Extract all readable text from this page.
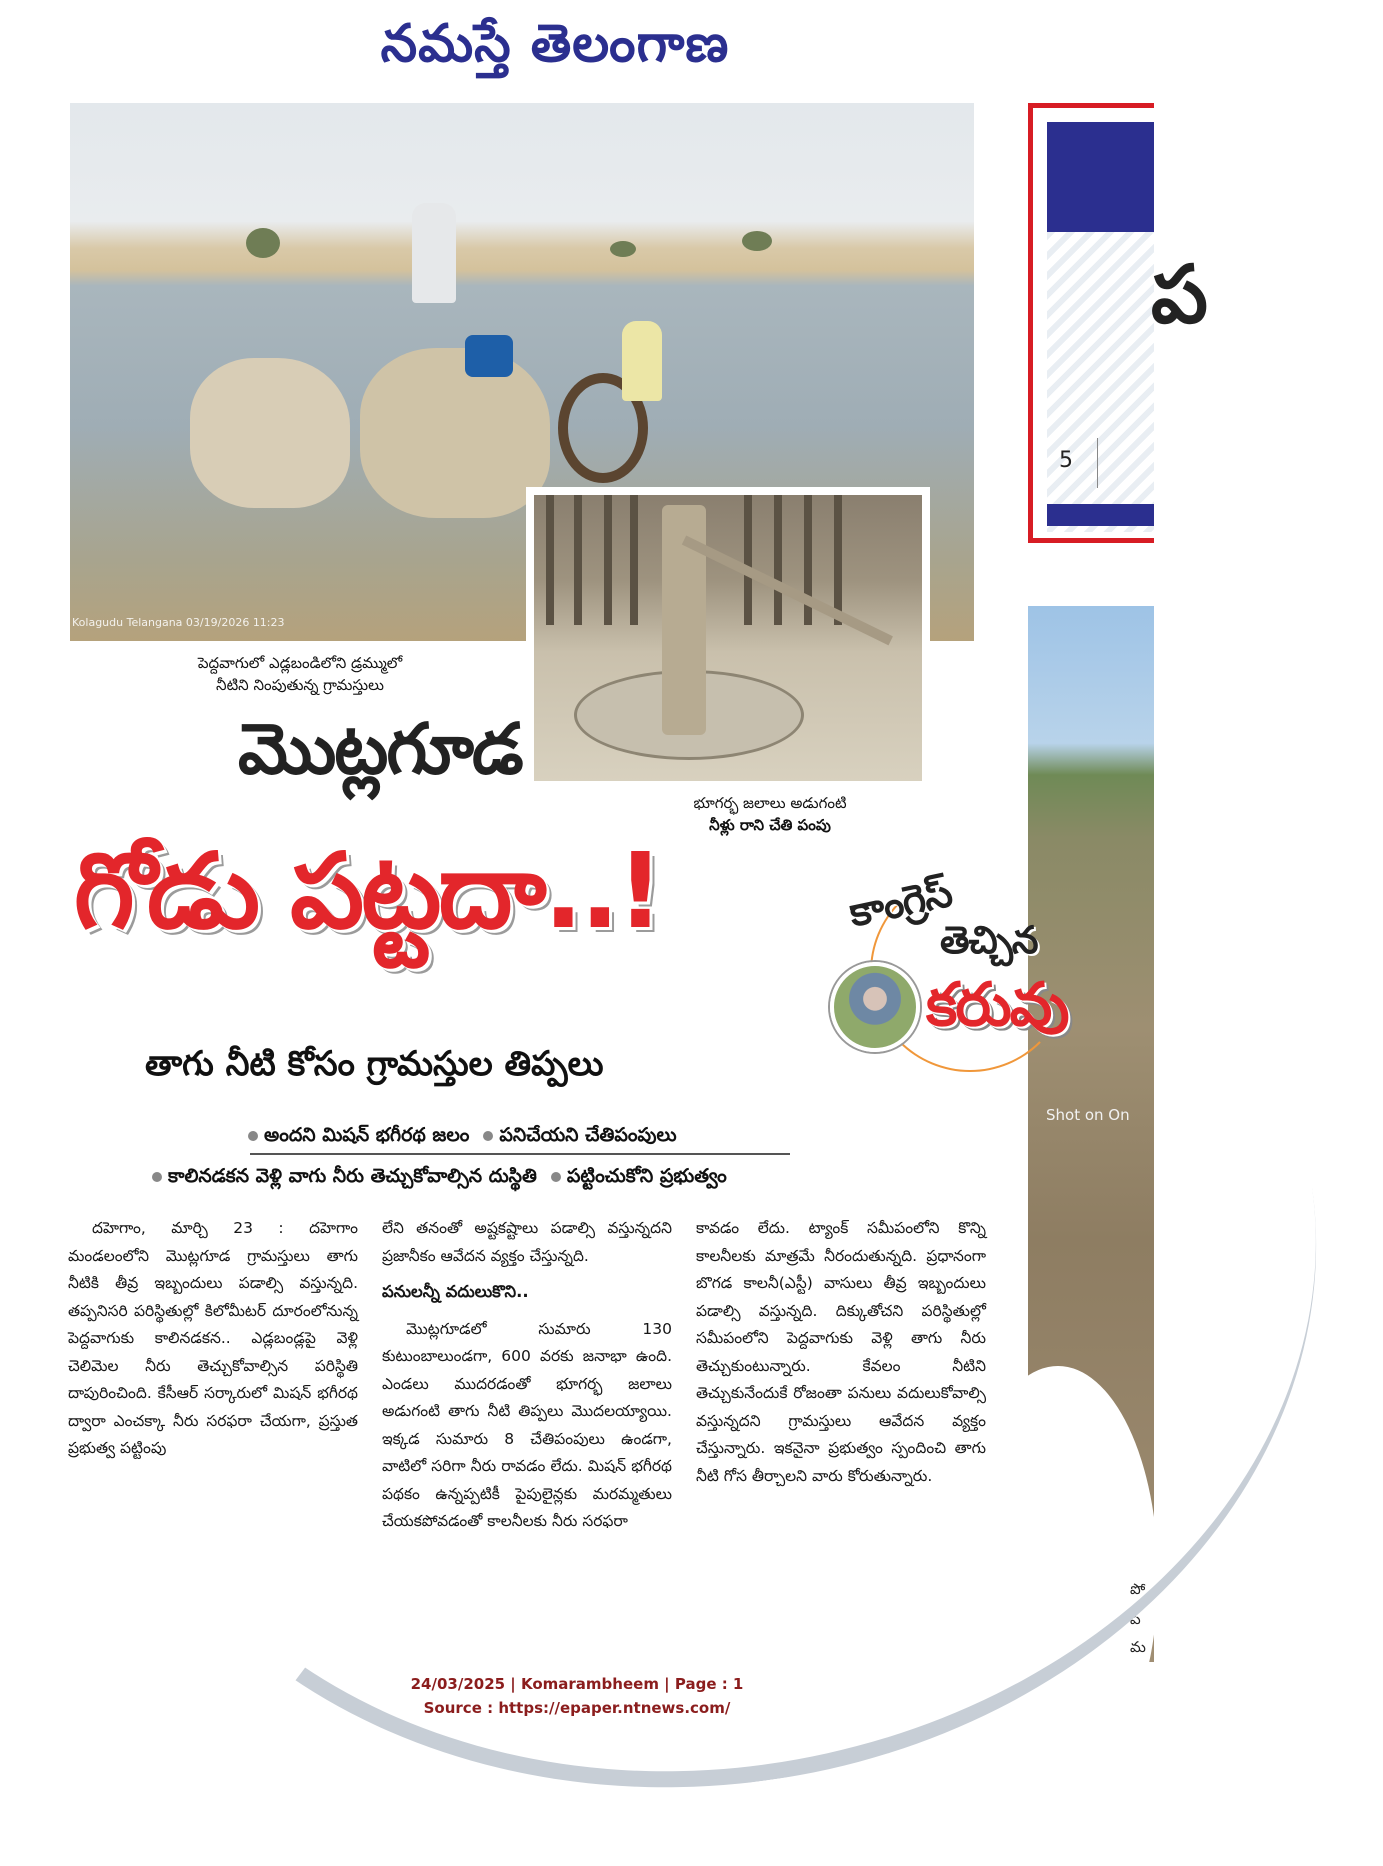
నమస్తే తెలంగాణ
ప
5
Shot on On
పో
పె
మ
Kolagudu Telangana 03/19/2026 11:23
పెద్దవాగులో ఎడ్లబండిలోని డ్రమ్ములో
నీటిని నింపుతున్న గ్రామస్తులు
భూగర్భ జలాలు అడుగంటి
నీళ్లు రాని చేతి పంపు
మొట్లగూడ
గోడు పట్టదా..!
తాగు నీటి కోసం గ్రామస్తుల తిప్పలు
అందని మిషన్ భగీరథ జలం	పనిచేయని చేతిపంపులు
కాలినడకన వెళ్లి వాగు నీరు తెచ్చుకోవాల్సిన దుస్థితి	పట్టించుకోని ప్రభుత్వం
కాంగ్రెస్
తెచ్చిన
కరువు

దహెగాం, మార్చి 23 : దహెగాం మండలంలోని మొట్లగూడ గ్రామస్తులు తాగు నీటికి తీవ్ర ఇబ్బందులు పడాల్సి వస్తున్నది. తప్పనిసరి పరిస్థితుల్లో కిలోమీటర్ దూరంలోనున్న పెద్దవాగుకు కాలినడకన.. ఎడ్లబండ్లపై వెళ్లి చెలిమెల నీరు తెచ్చుకోవాల్సిన పరిస్థితి దాపురించింది. కేసీఆర్ సర్కారులో మిషన్ భగీరథ ద్వారా ఎంచక్కా నీరు సరఫరా చేయగా, ప్రస్తుత ప్రభుత్వ పట్టింపు

లేని తనంతో అష్టకష్టాలు పడాల్సి వస్తున్నదని ప్రజానీకం ఆవేదన వ్యక్తం చేస్తున్నది.

పనులన్నీ వదులుకొని..

మొట్లగూడలో సుమారు 130 కుటుంబాలుండగా, 600 వరకు జనాభా ఉంది. ఎండలు ముదరడంతో భూగర్భ జలాలు అడుగంటి తాగు నీటి తిప్పలు మొదలయ్యాయి. ఇక్కడ సుమారు 8 చేతిపంపులు ఉండగా, వాటిలో సరిగా నీరు రావడం లేదు. మిషన్ భగీరథ పథకం ఉన్నప్పటికీ పైపులైన్లకు మరమ్మతులు చేయకపోవడంతో కాలనీలకు నీరు సరఫరా

కావడం లేదు. ట్యాంక్ సమీపంలోని కొన్ని కాలనీలకు మాత్రమే నీరందుతున్నది. ప్రధానంగా బొగడ కాలనీ(ఎస్టీ) వాసులు తీవ్ర ఇబ్బందులు పడాల్సి వస్తున్నది. దిక్కుతోచని పరిస్థితుల్లో సమీపంలోని పెద్దవాగుకు వెళ్లి తాగు నీరు తెచ్చుకుంటున్నారు. కేవలం నీటిని తెచ్చుకునేందుకే రోజంతా పనులు వదులుకోవాల్సి వస్తున్నదని గ్రామస్తులు ఆవేదన వ్యక్తం చేస్తున్నారు. ఇకనైనా ప్రభుత్వం స్పందించి తాగు నీటి గోస తీర్చాలని వారు కోరుతున్నారు.

24/03/2025 | Komarambheem | Page : 1
Source : https://epaper.ntnews.com/
